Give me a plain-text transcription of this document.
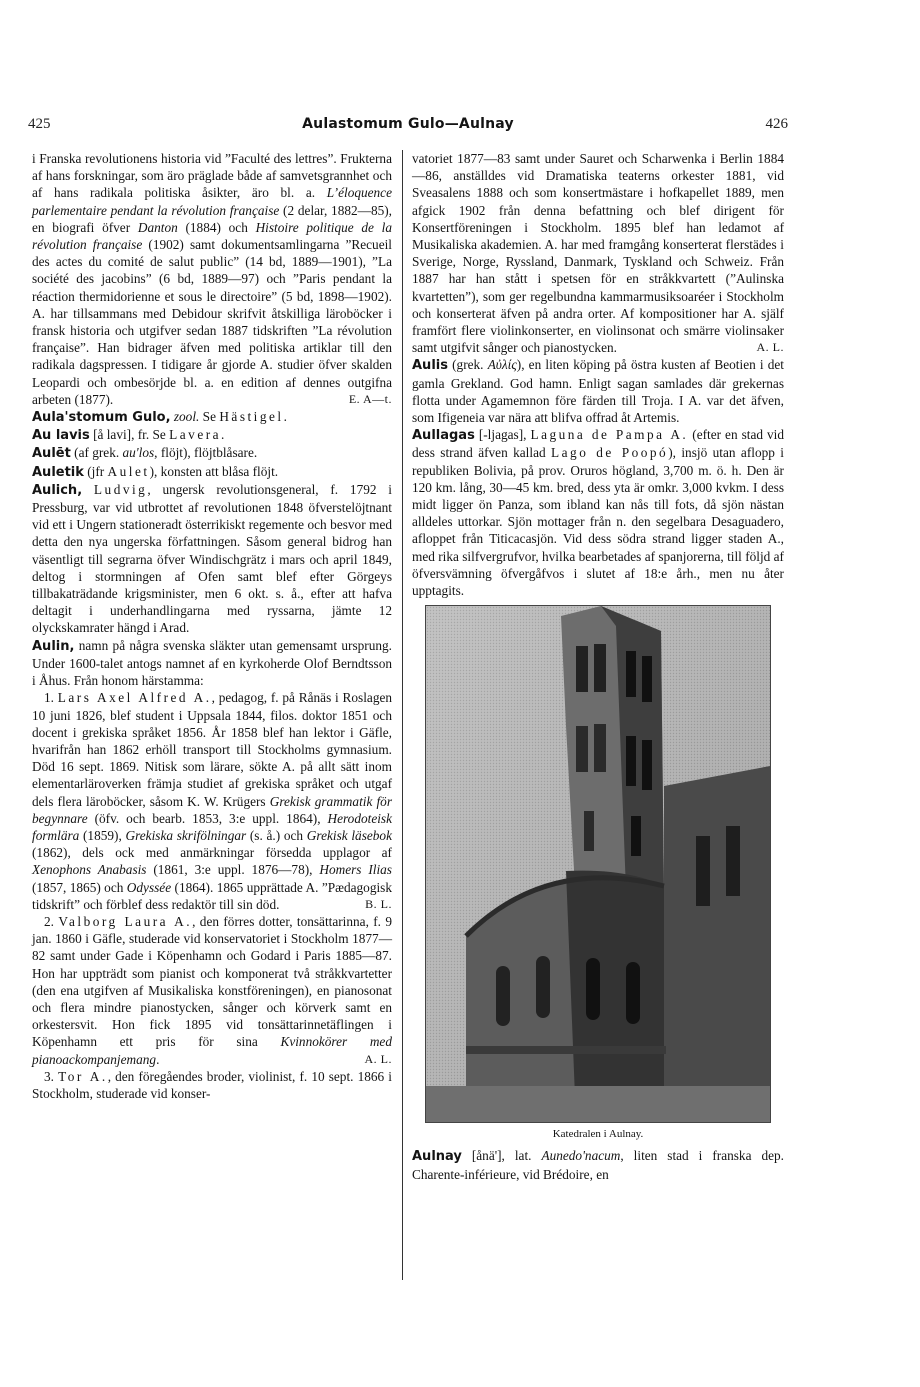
425	Aulastomum Gulo—Aulnay	426

i Franska revolutionens historia vid ”Faculté des lettres”. Frukterna af hans forskningar, som äro präglade både af samvetsgrannhet och af hans radikala politiska åsikter, äro bl. a. L’éloquence parlementaire pendant la révolution française (2 delar, 1882—85), en biografi öfver Danton (1884) och Histoire politique de la révolution française (1902) samt dokumentsamlingarna ”Recueil des actes du comité de salut public” (14 bd, 1889—1901), ”La société des jacobins” (6 bd, 1889—97) och ”Paris pendant la réaction thermidorienne et sous le directoire” (5 bd, 1898—1902). A. har tillsammans med Debidour skrifvit åtskilliga läroböcker i fransk historia och utgifver sedan 1887 tidskriften ”La révolution française”. Han bidrager äfven med politiska artiklar till den radikala dagspressen. I tidigare år gjorde A. studier öfver skalden Leopardi och ombesörjde bl. a. en edition af dennes outgifna arbeten (1877).	E. A—t.

Aula'stomum Gulo, zool. Se Hästigel.

Au lavis [å lavi], fr. Se Lavera.

Aulēt (af grek. au'los, flöjt), flöjtblåsare.

Auletik (jfr Aulet), konsten att blåsa flöjt.

Aulich, Ludvig, ungersk revolutionsgeneral, f. 1792 i Pressburg, var vid utbrottet af revolutionen 1848 öfverstelöjtnant vid ett i Ungern stationeradt österrikiskt regemente och besvor med detta den nya ungerska författningen. Såsom general bidrog han väsentligt till segrarna öfver Windischgrätz i mars och april 1849, deltog i stormningen af Ofen samt blef efter Görgeys tillbakaträdande krigsminister, men 6 okt. s. å., efter att hafva deltagit i underhandlingarna med ryssarna, jämte 12 olyckskamrater hängd i Arad.

Aulin, namn på några svenska släkter utan gemensamt ursprung. Under 1600-talet antogs namnet af en kyrkoherde Olof Berndtsson i Åhus. Från honom härstamma:

1. Lars Axel Alfred A., pedagog, f. på Rånäs i Roslagen 10 juni 1826, blef student i Uppsala 1844, filos. doktor 1851 och docent i grekiska språket 1856. År 1858 blef han lektor i Gäfle, hvarifrån han 1862 erhöll transport till Stockholms gymnasium. Död 16 sept. 1869. Nitisk som lärare, sökte A. på allt sätt inom elementarläroverken främja studiet af grekiska språket och utgaf dels flera läroböcker, såsom K. W. Krügers Grekisk grammatik för begynnare (öfv. och bearb. 1853, 3:e uppl. 1864), Herodoteisk formlära (1859), Grekiska skrifölningar (s. å.) och Grekisk läsebok (1862), dels ock med anmärkningar försedda upplagor af Xenophons Anabasis (1861, 3:e uppl. 1876—78), Homers Ilias (1857, 1865) och Odyssée (1864). 1865 upprättade A. ”Pædagogisk tidskrift” och förblef dess redaktör till sin död.	B. L.

2. Valborg Laura A., den förres dotter, tonsättarinna, f. 9 jan. 1860 i Gäfle, studerade vid konservatoriet i Stockholm 1877—82 samt under Gade i Köpenhamn och Godard i Paris 1885—87. Hon har uppträdt som pianist och komponerat två stråkkvartetter (den ena utgifven af Musikaliska konstföreningen), en pianosonat och flera mindre pianostycken, sånger och körverk samt en orkestersvit. Hon fick 1895 vid tonsättarinnetäflingen i Köpenhamn ett pris för sina Kvinnokörer med pianoackompanjemang.	A. L.

3. Tor A., den föregåendes broder, violinist, f. 10 sept. 1866 i Stockholm, studerade vid konser-

vatoriet 1877—83 samt under Sauret och Scharwenka i Berlin 1884—86, anställdes vid Dramatiska teaterns orkester 1881, vid Sveasalens 1888 och som konsertmästare i hofkapellet 1889, men afgick 1902 från denna befattning och blef dirigent för Konsertföreningen i Stockholm. 1895 blef han ledamot af Musikaliska akademien. A. har med framgång konserterat flerstädes i Sverige, Norge, Ryssland, Danmark, Tyskland och Schweiz. Från 1887 har han stått i spetsen för en stråkkvartett (”Aulinska kvartetten”), som ger regelbundna kammarmusiksoaréer i Stockholm och konserterat äfven på andra orter. Af kompositioner har A. själf framfört flere violinkonserter, en violinsonat och smärre violinsaker samt utgifvit sånger och pianostycken.	A. L.

Aulis (grek. Αὐλίς), en liten köping på östra kusten af Beotien i det gamla Grekland. God hamn. Enligt sagan samlades där grekernas flotta under Agamemnon före färden till Troja. I A. var det äfven, som Ifigeneia var nära att blifva offrad åt Artemis.

Aullagas [-ljagas], Laguna de Pampa A. (efter en stad vid dess strand äfven kallad Lago de Poopó), insjö utan aflopp i republiken Bolivia, på prov. Oruros högland, 3,700 m. ö. h. Den är 120 km. lång, 30—45 km. bred, dess yta är omkr. 3,000 kvkm. I dess midt ligger ön Panza, som ibland kan nås till fots, då sjön nästan alldeles uttorkar. Sjön mottager från n. den segelbara Desaguadero, afloppet från Titicacasjön. Vid dess södra strand ligger staden A., med rika silfvergrufvor, hvilka bearbetades af spanjorerna, till följd af öfversvämning öfvergåfvos i slutet af 18:e årh., men nu åter upptagits.

Katedralen i Aulnay.

Aulnay [ånä'], lat. Aunedo'nacum, liten stad i franska dep. Charente-inférieure, vid Brédoire, en
